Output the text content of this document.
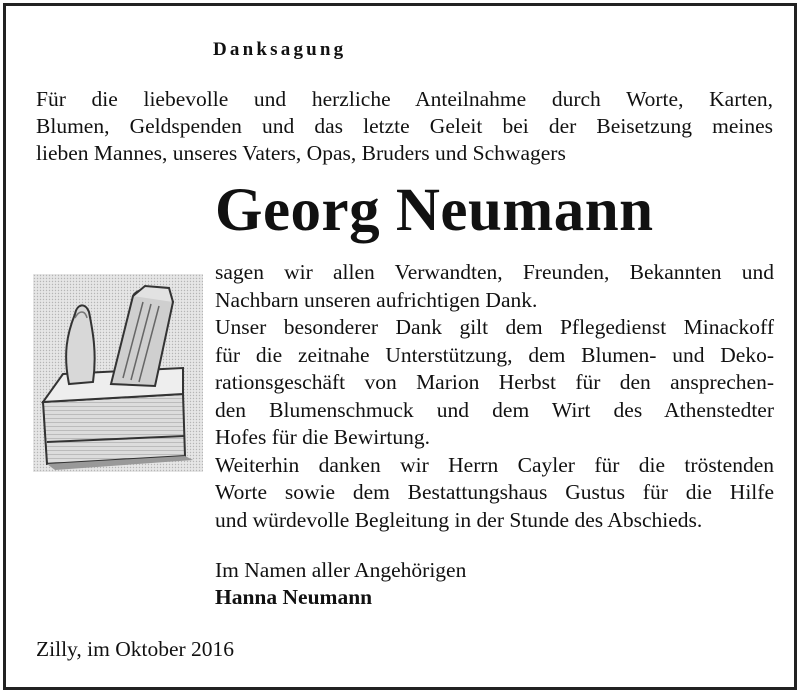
Danksagung

Für die liebevolle und herzliche Anteilnahme durch Worte, Karten,
Blumen, Geldspenden und das letzte Geleit bei der Beisetzung meines
lieben Mannes, unseres Vaters, Opas, Bruders und Schwagers

Georg Neumann

sagen wir allen Verwandten, Freunden, Bekannten und
Nachbarn unseren aufrichtigen Dank.
Unser besonderer Dank gilt dem Pflegedienst Minackoff
für die zeitnahe Unterstützung, dem Blumen- und Deko-
rationsgeschäft von Marion Herbst für den ansprechen-
den Blumenschmuck und dem Wirt des Athenstedter
Hofes für die Bewirtung.
Weiterhin danken wir Herrn Cayler für die tröstenden
Worte sowie dem Bestattungshaus Gustus für die Hilfe
und würdevolle Begleitung in der Stunde des Abschieds.

Im Namen aller Angehörigen

Hanna Neumann

Zilly, im Oktober 2016
